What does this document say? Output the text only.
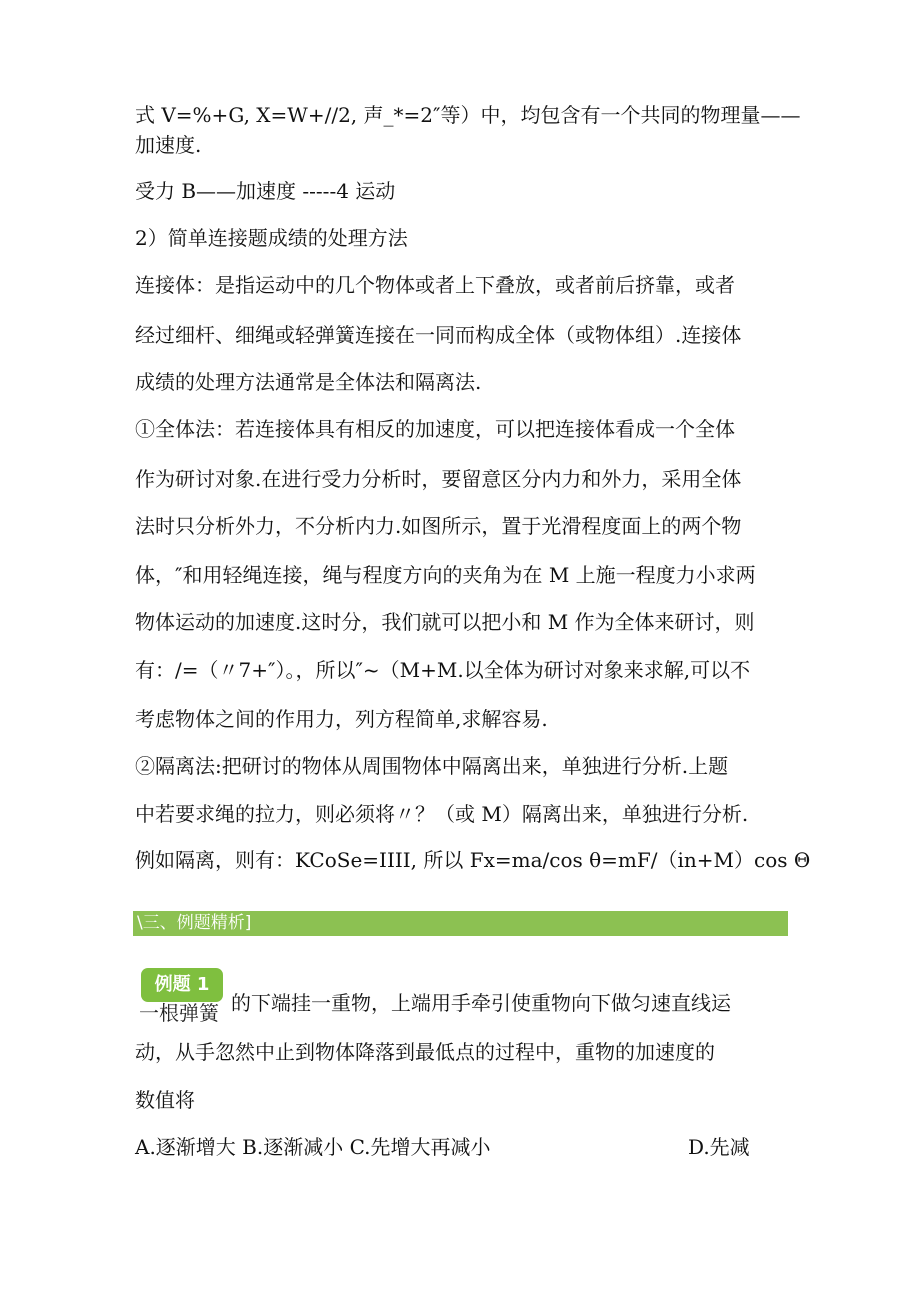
式 V=%+G, X=W+//2, 声_*=2″等）中，均包含有一个共同的物理量——
加速度.
受力 B——加速度 -----4 运动
2）简单连接题成绩的处理方法
连接体：是指运动中的几个物体或者上下叠放，或者前后挤靠，或者
经过细杆、细绳或轻弹簧连接在一同而构成全体（或物体组）.连接体
成绩的处理方法通常是全体法和隔离法.
①全体法：若连接体具有相反的加速度，可以把连接体看成一个全体
作为研讨对象.在进行受力分析时，要留意区分内力和外力，采用全体
法时只分析外力，不分析内力.如图所示，置于光滑程度面上的两个物
体，″和用轻绳连接，绳与程度方向的夹角为在 M 上施一程度力小求两
物体运动的加速度.这时分，我们就可以把小和 M 作为全体来研讨，则
有：/=（〃7+″）。，所以″~（M+M.以全体为研讨对象来求解,可以不
考虑物体之间的作用力，列方程简单,求解容易.
②隔离法:把研讨的物体从周围物体中隔离出来，单独进行分析.上题
中若要求绳的拉力，则必须将〃？（或 M）隔离出来，单独进行分析.
例如隔离，则有：KCoSe=IIII, 所以 Fx=ma/cos θ=mF/（in+M）cos Θ
\三、例题精析]
例题 1
一根弹簧 的下端挂一重物，上端用手牵引使重物向下做匀速直线运
动，从手忽然中止到物体降落到最低点的过程中，重物的加速度的
数值将
A.逐渐增大 B.逐渐减小 C.先增大再减小	D.先减
